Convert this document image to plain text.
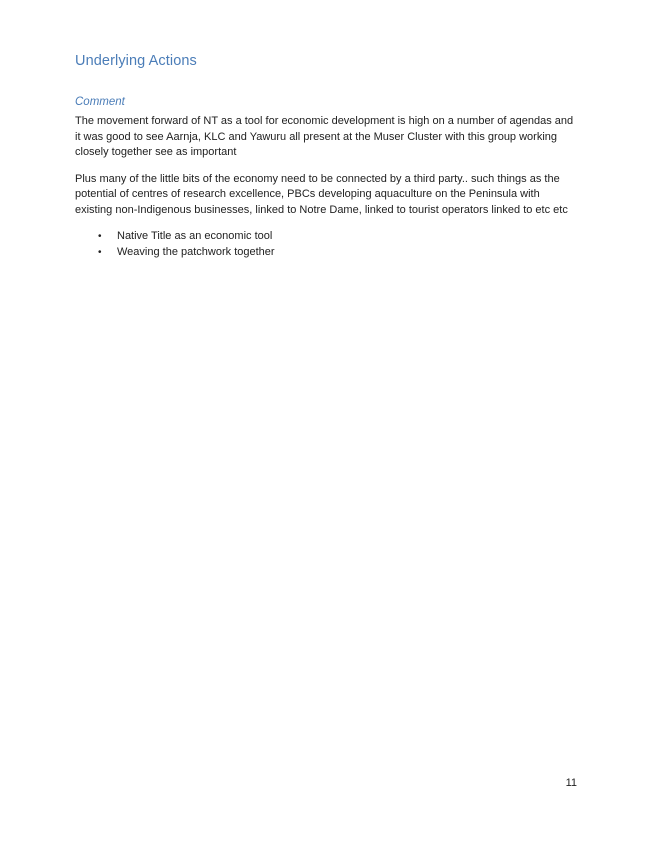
Underlying Actions
Comment

The movement forward of NT as a tool for economic development is high on a number of agendas and it was good to see Aarnja, KLC and Yawuru all present at the Muser Cluster with this group working closely together see as important

Plus many of the little bits of the economy need to be connected by a third party.. such things as the potential of centres of research excellence, PBCs developing aquaculture on the Peninsula with existing non-Indigenous businesses, linked to Notre Dame, linked to tourist operators linked to etc etc

• Native Title as an economic tool
• Weaving the patchwork together
11
